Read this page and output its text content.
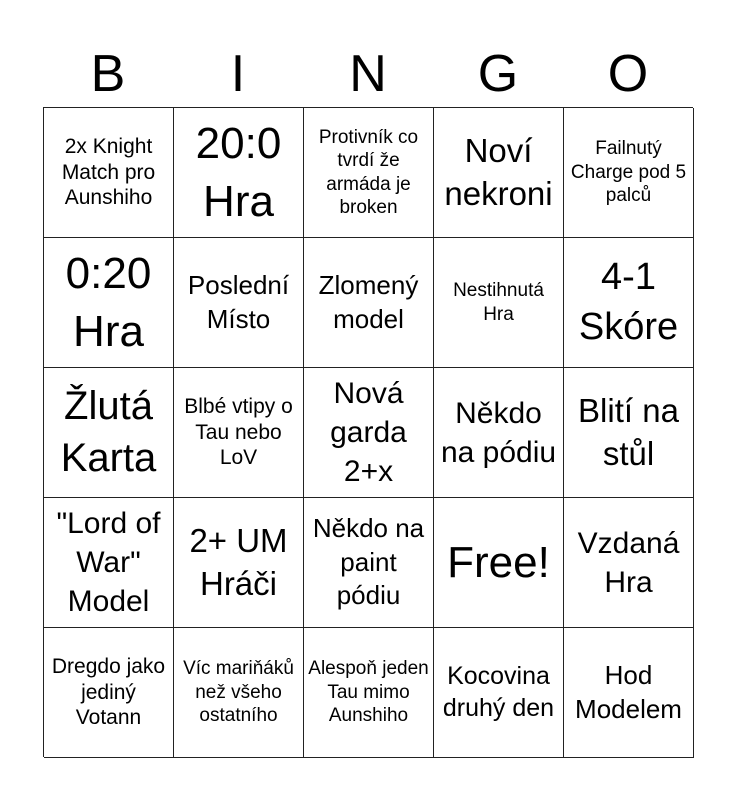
B	I	N	G	O
2x Knight Match pro Aunshiho
20:0 Hra
Protivník co tvrdí že armáda je broken
Noví nekroni
Failnutý Charge pod 5 palců
0:20 Hra
Poslední Místo
Zlomený model
Nestihnutá Hra
4-1 Skóre
Žlutá Karta
Blbé vtipy o Tau nebo LoV
Nová garda 2+x
Někdo na pódiu
Blití na stůl
"Lord of War" Model
2+ UM Hráči
Někdo na paint pódiu
Free! Vzdaná Hra
Dregdo jako jediný Votann
Víc mariňáků než všeho ostatního
Alespoň jeden Tau mimo Aunshiho
Kocovina druhý den
Hod Modelem
